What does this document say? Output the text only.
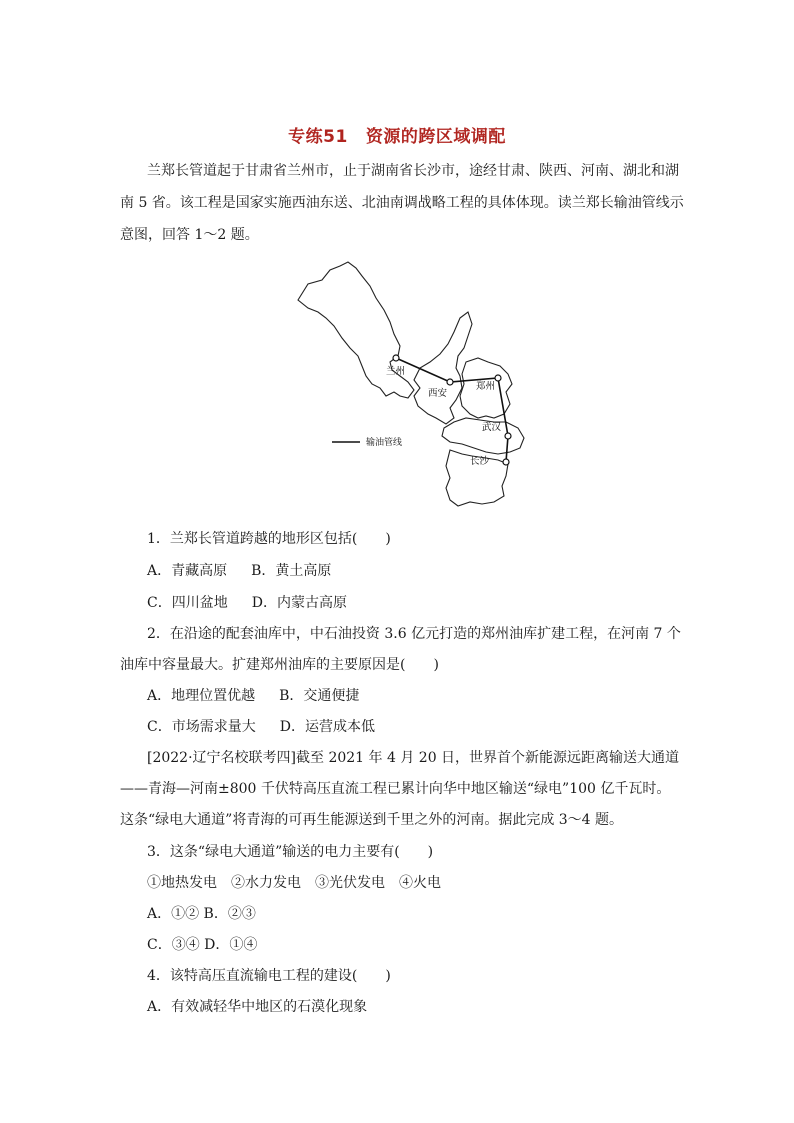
专练51 资源的跨区域调配
兰郑长管道起于甘肃省兰州市，止于湖南省长沙市，途经甘肃、陕西、河南、湖北和湖
南 5 省。该工程是国家实施西油东送、北油南调战略工程的具体体现。读兰郑长输油管线示
意图，回答 1～2 题。
兰州
西安
郑州
武汉
长沙
输油管线
1．兰郑长管道跨越的地形区包括(　　)
A．青藏高原 B．黄土高原
C．四川盆地 D．内蒙古高原
2．在沿途的配套油库中，中石油投资 3.6 亿元打造的郑州油库扩建工程，在河南 7 个
油库中容量最大。扩建郑州油库的主要原因是(　　)
A．地理位置优越 B．交通便捷
C．市场需求量大 D．运营成本低
[2022·辽宁名校联考四]截至 2021 年 4 月 20 日，世界首个新能源远距离输送大通道
——青海—河南±800 千伏特高压直流工程已累计向华中地区输送“绿电”100 亿千瓦时。
这条“绿电大通道”将青海的可再生能源送到千里之外的河南。据此完成 3～4 题。
3．这条“绿电大通道”输送的电力主要有(　　)
①地热发电　②水力发电　③光伏发电　④火电
A．①② B．②③
C．③④ D．①④
4．该特高压直流输电工程的建设(　　)
A．有效减轻华中地区的石漠化现象
